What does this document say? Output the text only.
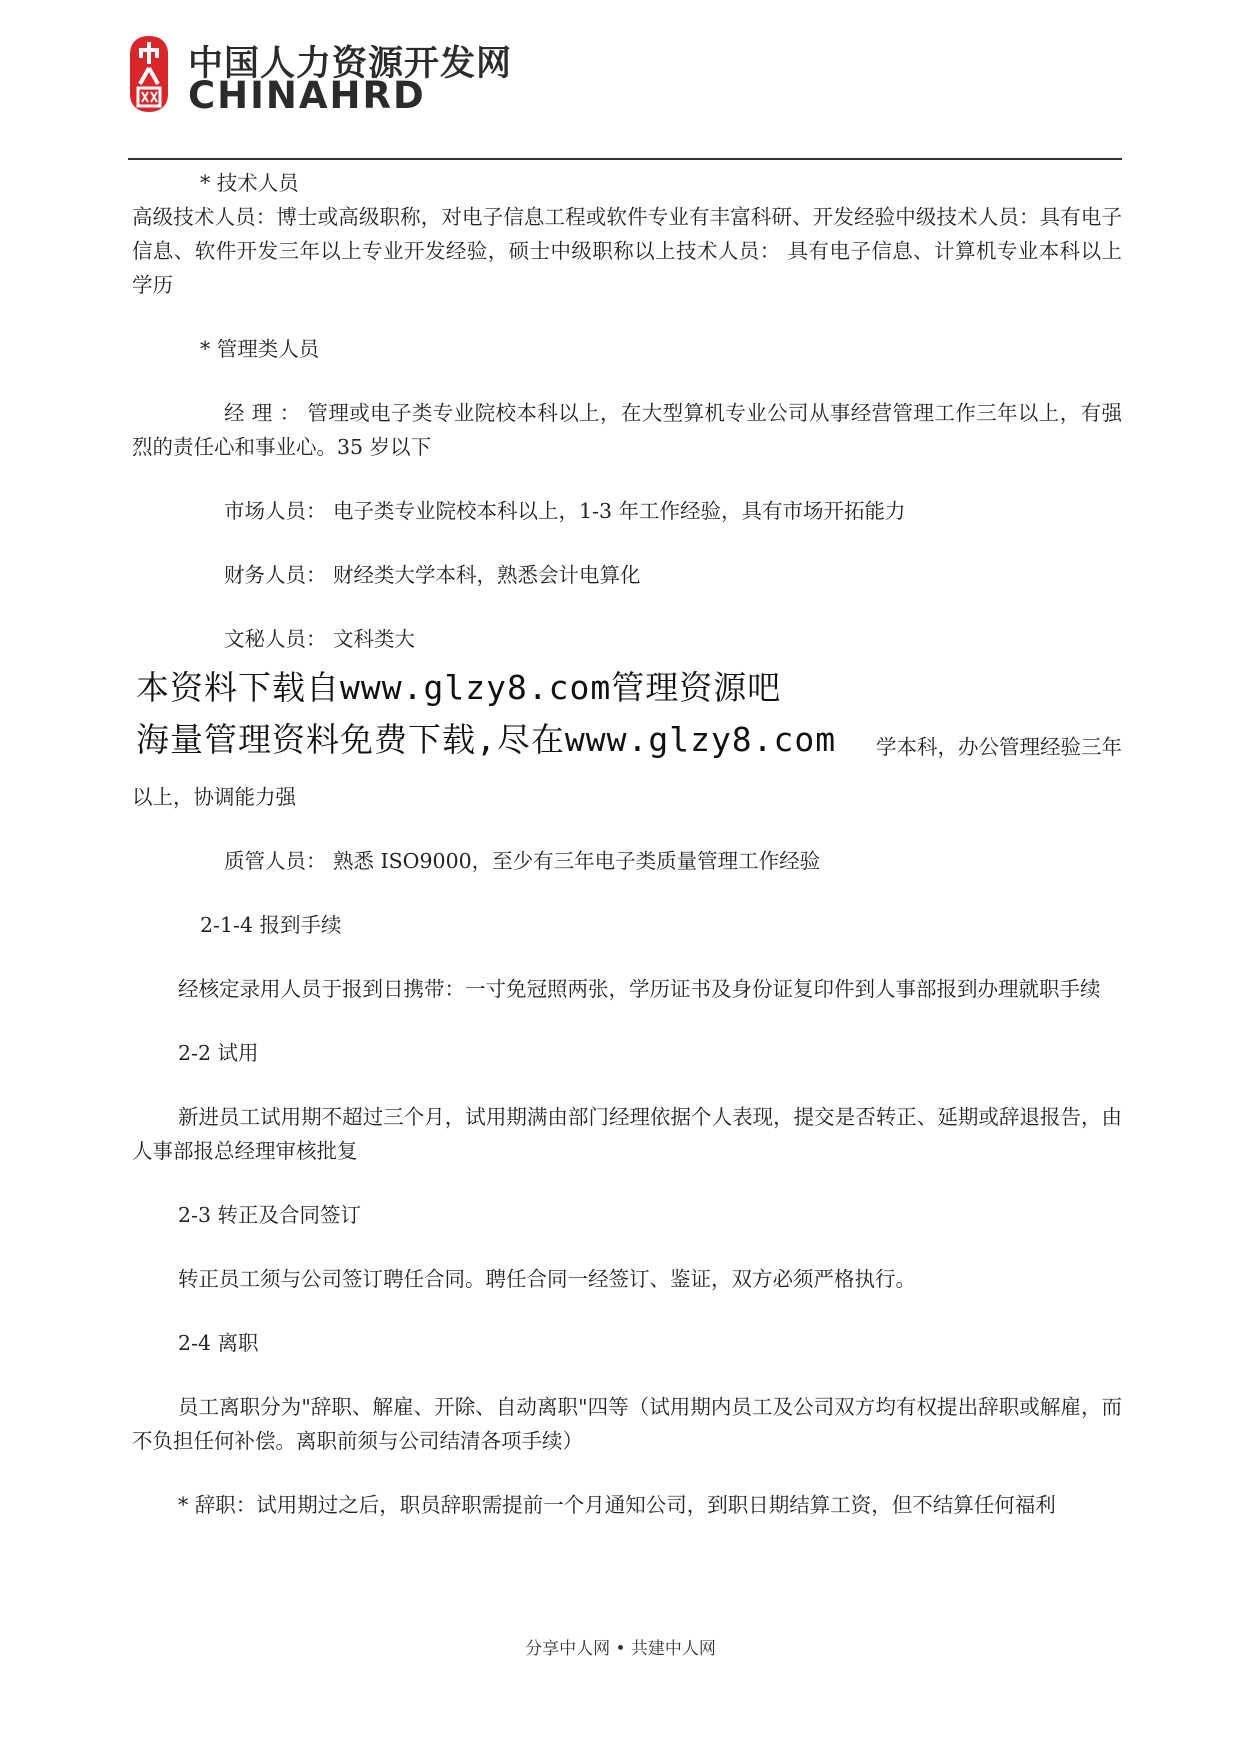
中国人力资源开发网
CHINAHRD

* 技术人员

高级技术人员：博士或高级职称，对电子信息工程或软件专业有丰富科研、开发经验中级技术人员：具有电子信息、软件开发三年以上专业开发经验，硕士中级职称以上技术人员： 具有电子信息、计算机专业本科以上学历

* 管理类人员

经 理 ： 管理或电子类专业院校本科以上，在大型算机专业公司从事经营管理工作三年以上，有强烈的责任心和事业心。35 岁以下

市场人员： 电子类专业院校本科以上，1-3 年工作经验，具有市场开拓能力

财务人员： 财经类大学本科，熟悉会计电算化

文秘人员： 文科类大

本资料下载自www.glzy8.com管理资源吧
海量管理资料免费下载,尽在www.glzy8.com 学本科，办公管理经验三年

以上，协调能力强

质管人员： 熟悉 ISO9000，至少有三年电子类质量管理工作经验

2-1-4 报到手续

经核定录用人员于报到日携带：一寸免冠照两张，学历证书及身份证复印件到人事部报到办理就职手续

2-2 试用

新进员工试用期不超过三个月，试用期满由部门经理依据个人表现，提交是否转正、延期或辞退报告，由人事部报总经理审核批复

2-3 转正及合同签订

转正员工须与公司签订聘任合同。聘任合同一经签订、鉴证，双方必须严格执行。

2-4 离职

员工离职分为"辞职、解雇、开除、自动离职"四等（试用期内员工及公司双方均有权提出辞职或解雇，而不负担任何补偿。离职前须与公司结清各项手续）

* 辞职：试用期过之后，职员辞职需提前一个月通知公司，到职日期结算工资，但不结算任何福利

分享中人网 • 共建中人网
